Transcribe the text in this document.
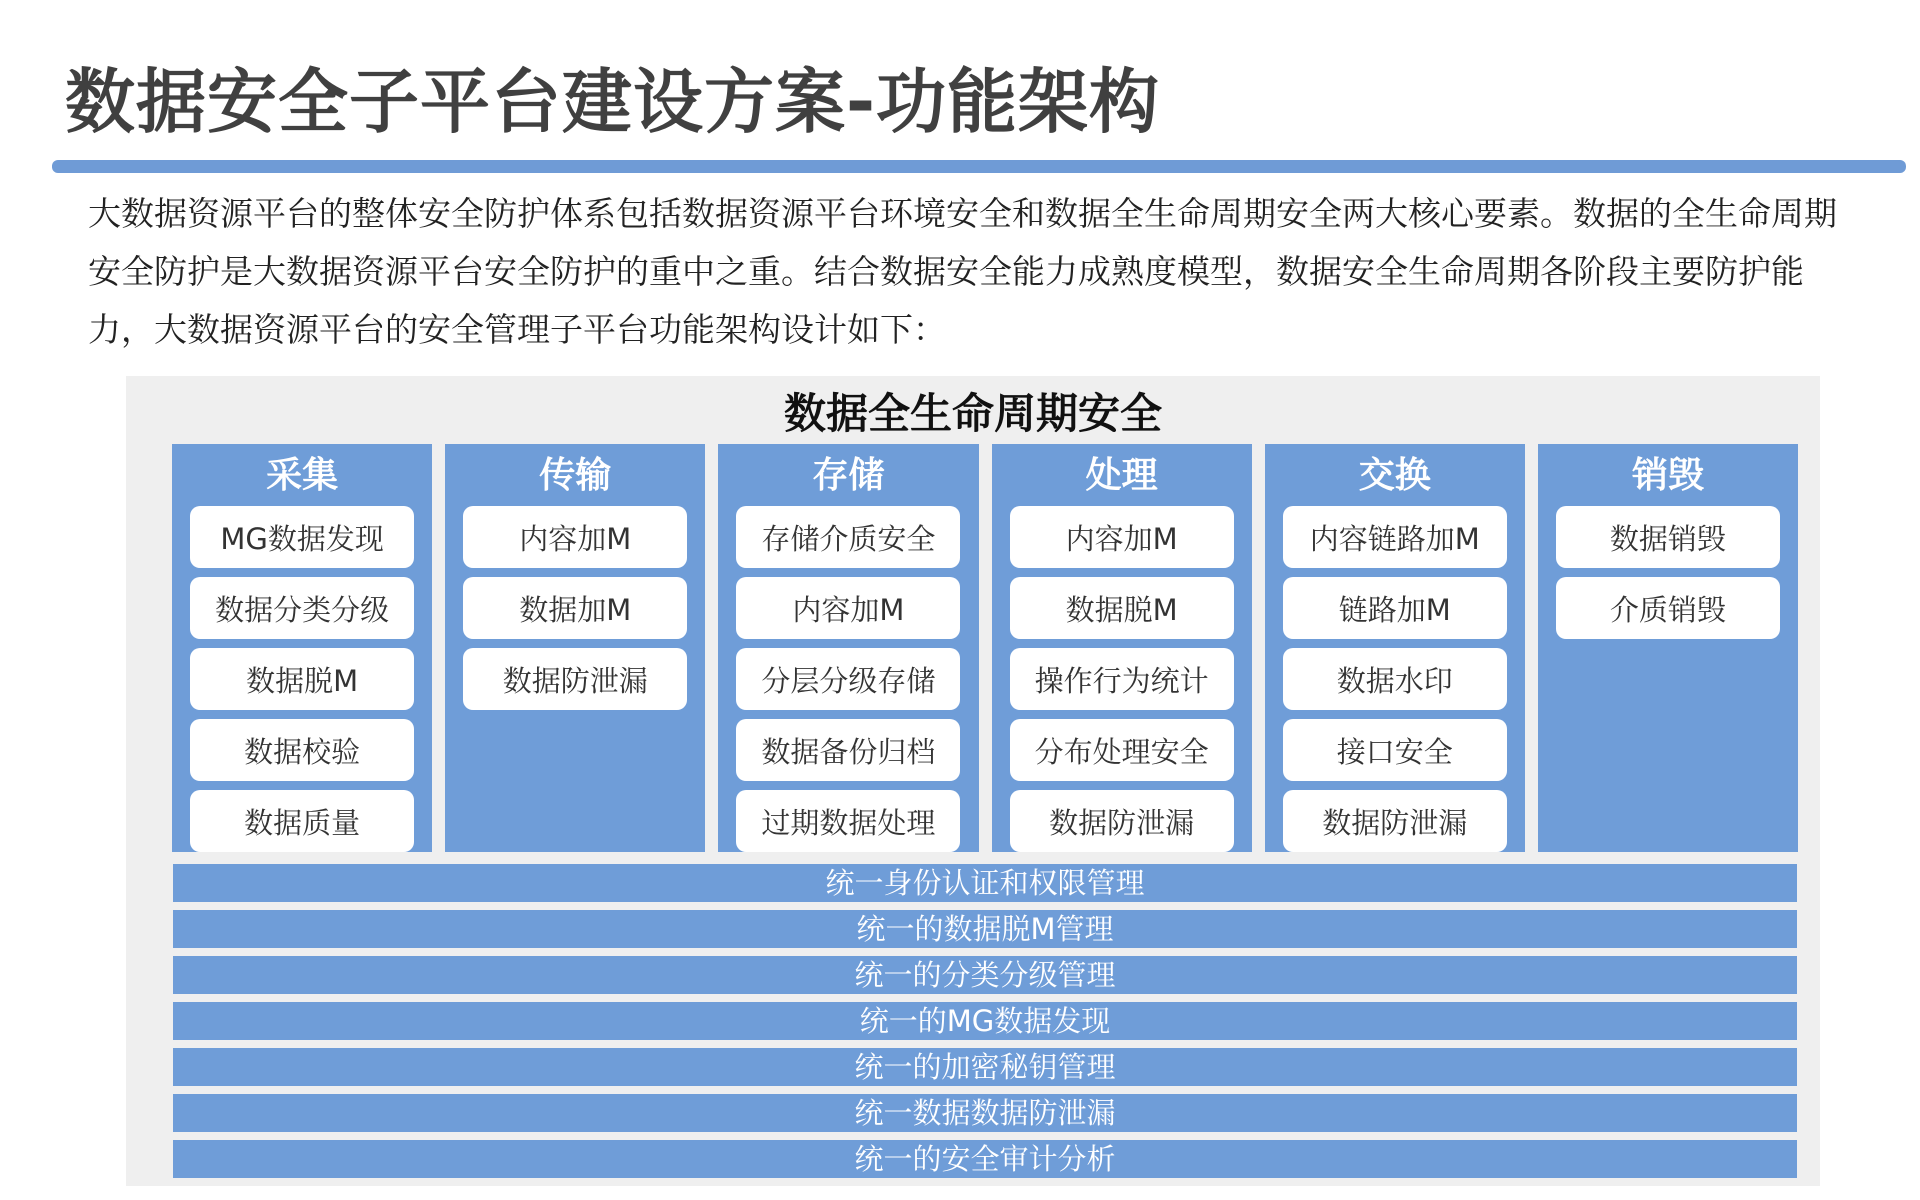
数据安全子平台建设方案-功能架构
大数据资源平台的整体安全防护体系包括数据资源平台环境安全和数据全生命周期安全两大核心要素。数据的全生命周期安全防护是大数据资源平台安全防护的重中之重。结合数据安全能力成熟度模型，数据安全生命周期各阶段主要防护能力，大数据资源平台的安全管理子平台功能架构设计如下：
数据全生命周期安全
采集
MG数据发现
数据分类分级
数据脱M
数据校验
数据质量
传输
内容加M
数据加M
数据防泄漏
存储
存储介质安全
内容加M
分层分级存储
数据备份归档
过期数据处理
处理
内容加M
数据脱M
操作行为统计
分布处理安全
数据防泄漏
交换
内容链路加M
链路加M
数据水印
接口安全
数据防泄漏
销毁
数据销毁
介质销毁
统一身份认证和权限管理
统一的数据脱M管理
统一的分类分级管理
统一的MG数据发现
统一的加密秘钥管理
统一数据数据防泄漏
统一的安全审计分析
